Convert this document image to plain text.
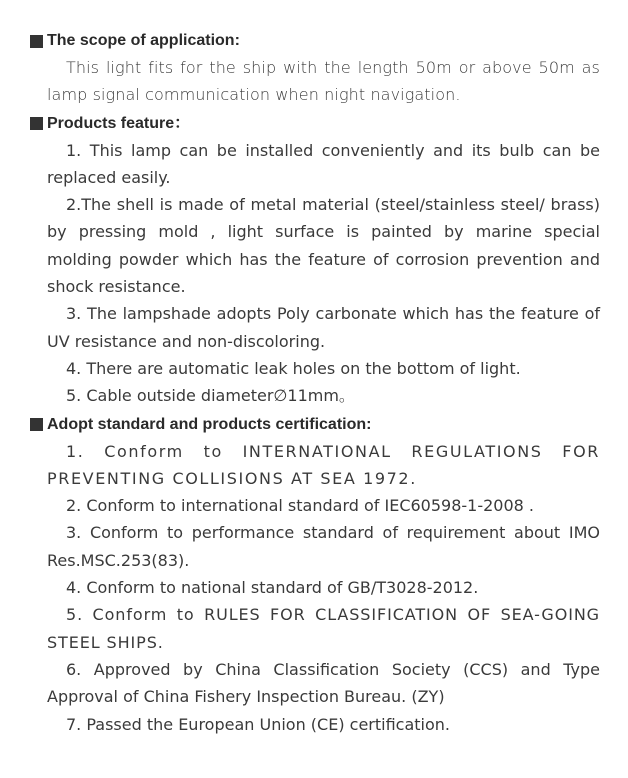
The scope of application:

This light fits for the ship with the length 50m or above 50m as lamp signal communication when night navigation.

Products feature：

1. This lamp can be installed conveniently and its bulb can be replaced easily.

2.The shell is made of metal material (steel/stainless steel/ brass) by pressing mold , light surface is painted by marine special molding powder which has the feature of corrosion prevention and shock resistance.

3. The lampshade adopts Poly carbonate which has the feature of UV resistance and non-discoloring.

4. There are automatic leak holes on the bottom of light.

5. Cable outside diameter∅11mm。

Adopt standard and products certification:

1. Conform to INTERNATIONAL REGULATIONS FOR PREVENTING COLLISIONS AT SEA 1972.

2. Conform to international standard of IEC60598-1-2008 .

3. Conform to performance standard of requirement about IMO Res.MSC.253(83).

4. Conform to national standard of GB/T3028-2012.

5. Conform to RULES FOR CLASSIFICATION OF SEA-GOING STEEL SHIPS.

6. Approved by China Classification Society (CCS) and Type Approval of China Fishery Inspection Bureau. (ZY)

7. Passed the European Union (CE) certification.
